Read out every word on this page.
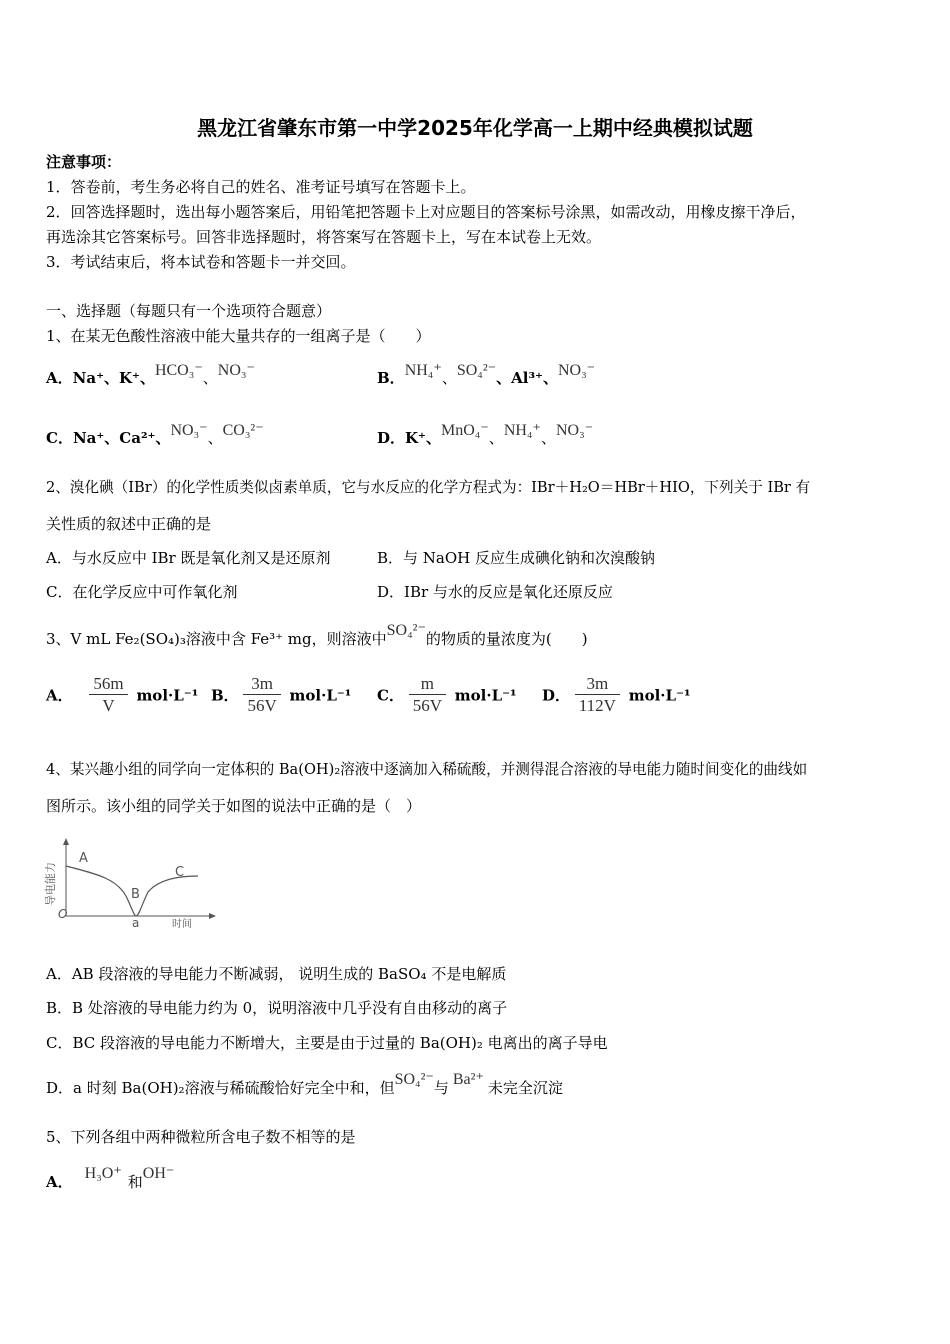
黑龙江省肇东市第一中学2025年化学高一上期中经典模拟试题
注意事项：
1．答卷前，考生务必将自己的姓名、准考证号填写在答题卡上。
2．回答选择题时，选出每小题答案后，用铅笔把答题卡上对应题目的答案标号涂黑，如需改动，用橡皮擦干净后，
再选涂其它答案标号。回答非选择题时，将答案写在答题卡上，写在本试卷上无效。
3．考试结束后，将本试卷和答题卡一并交回。
一、选择题（每题只有一个选项符合题意）
1、在某无色酸性溶液中能大量共存的一组离子是（　　）
A．Na⁺、K⁺、HCO₃⁻、NO₃⁻	B．NH₄⁺、SO₄²⁻、Al³⁺、NO₃⁻
C．Na⁺、Ca²⁺、NO₃⁻、CO₃²⁻	D．K⁺、MnO₄⁻、NH₄⁺、NO₃⁻
2、溴化碘（IBr）的化学性质类似卤素单质，它与水反应的化学方程式为：IBr＋H₂O＝HBr＋HIO，下列关于 IBr 有
关性质的叙述中正确的是
A．与水反应中 IBr 既是氧化剂又是还原剂	B．与 NaOH 反应生成碘化钠和次溴酸钠
C．在化学反应中可作氧化剂	D．IBr 与水的反应是氧化还原反应
3、V mL Fe₂(SO₄)₃溶液中含 Fe³⁺ mg，则溶液中SO₄²⁻的物质的量浓度为(　　)
A． $\frac{56m}{V} mol\cdot L^{-1}$ B． $\frac{3m}{56V} mol\cdot L^{-1}$ C． $\frac{m}{56V} mol\cdot L^{-1}$ D． $\frac{3m}{112V} mol\cdot L^{-1}$
4、某兴趣小组的同学向一定体积的 Ba(OH)₂溶液中逐滴加入稀硫酸，并测得混合溶液的导电能力随时间变化的曲线如
图所示。该小组的同学关于如图的说法中正确的是（　）
导电能力
时间
O
a
A
B
C
A．AB 段溶液的导电能力不断减弱， 说明生成的 BaSO₄ 不是电解质
B．B 处溶液的导电能力约为 0，说明溶液中几乎没有自由移动的离子
C．BC 段溶液的导电能力不断增大，主要是由于过量的 Ba(OH)₂ 电离出的离子导电
D．a 时刻 Ba(OH)₂溶液与稀硫酸恰好完全中和，但SO₄²⁻与 Ba²⁺ 未完全沉淀
5、下列各组中两种微粒所含电子数不相等的是
A． H₃O⁺ 和OH⁻
